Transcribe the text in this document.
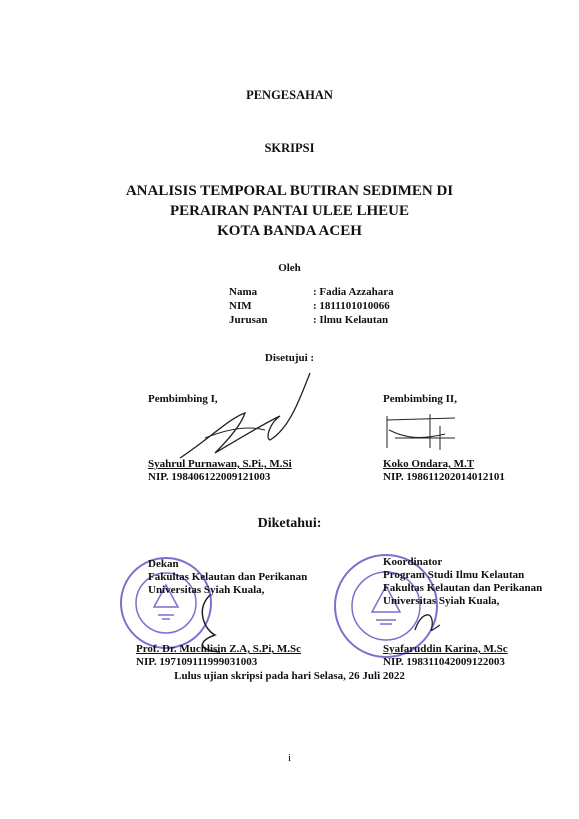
PENGESAHAN
SKRIPSI
ANALISIS TEMPORAL BUTIRAN SEDIMEN DI
PERAIRAN PANTAI ULEE LHEUE
KOTA BANDA ACEH
Oleh
Nama	: Fadia Azzahara
NIM	: 1811101010066
Jurusan	: Ilmu Kelautan
Disetujui :
Pembimbing I,
Syahrul Purnawan, S.Pi., M.Si
NIP. 198406122009121003
Pembimbing II,
Koko Ondara, M.T
NIP. 198611202014012101
Diketahui:
Dekan
Fakultas Kelautan dan Perikanan
Universitas Syiah Kuala,
Prof. Dr. Muchlisin Z.A, S.Pi, M.Sc
NIP. 197109111999031003
Koordinator
Program Studi Ilmu Kelautan
Fakultas Kelautan dan Perikanan
Universitas Syiah Kuala,
Syafaruddin Karina, M.Sc
NIP. 198311042009122003
Lulus ujian skripsi pada hari Selasa, 26 Juli 2022
i
